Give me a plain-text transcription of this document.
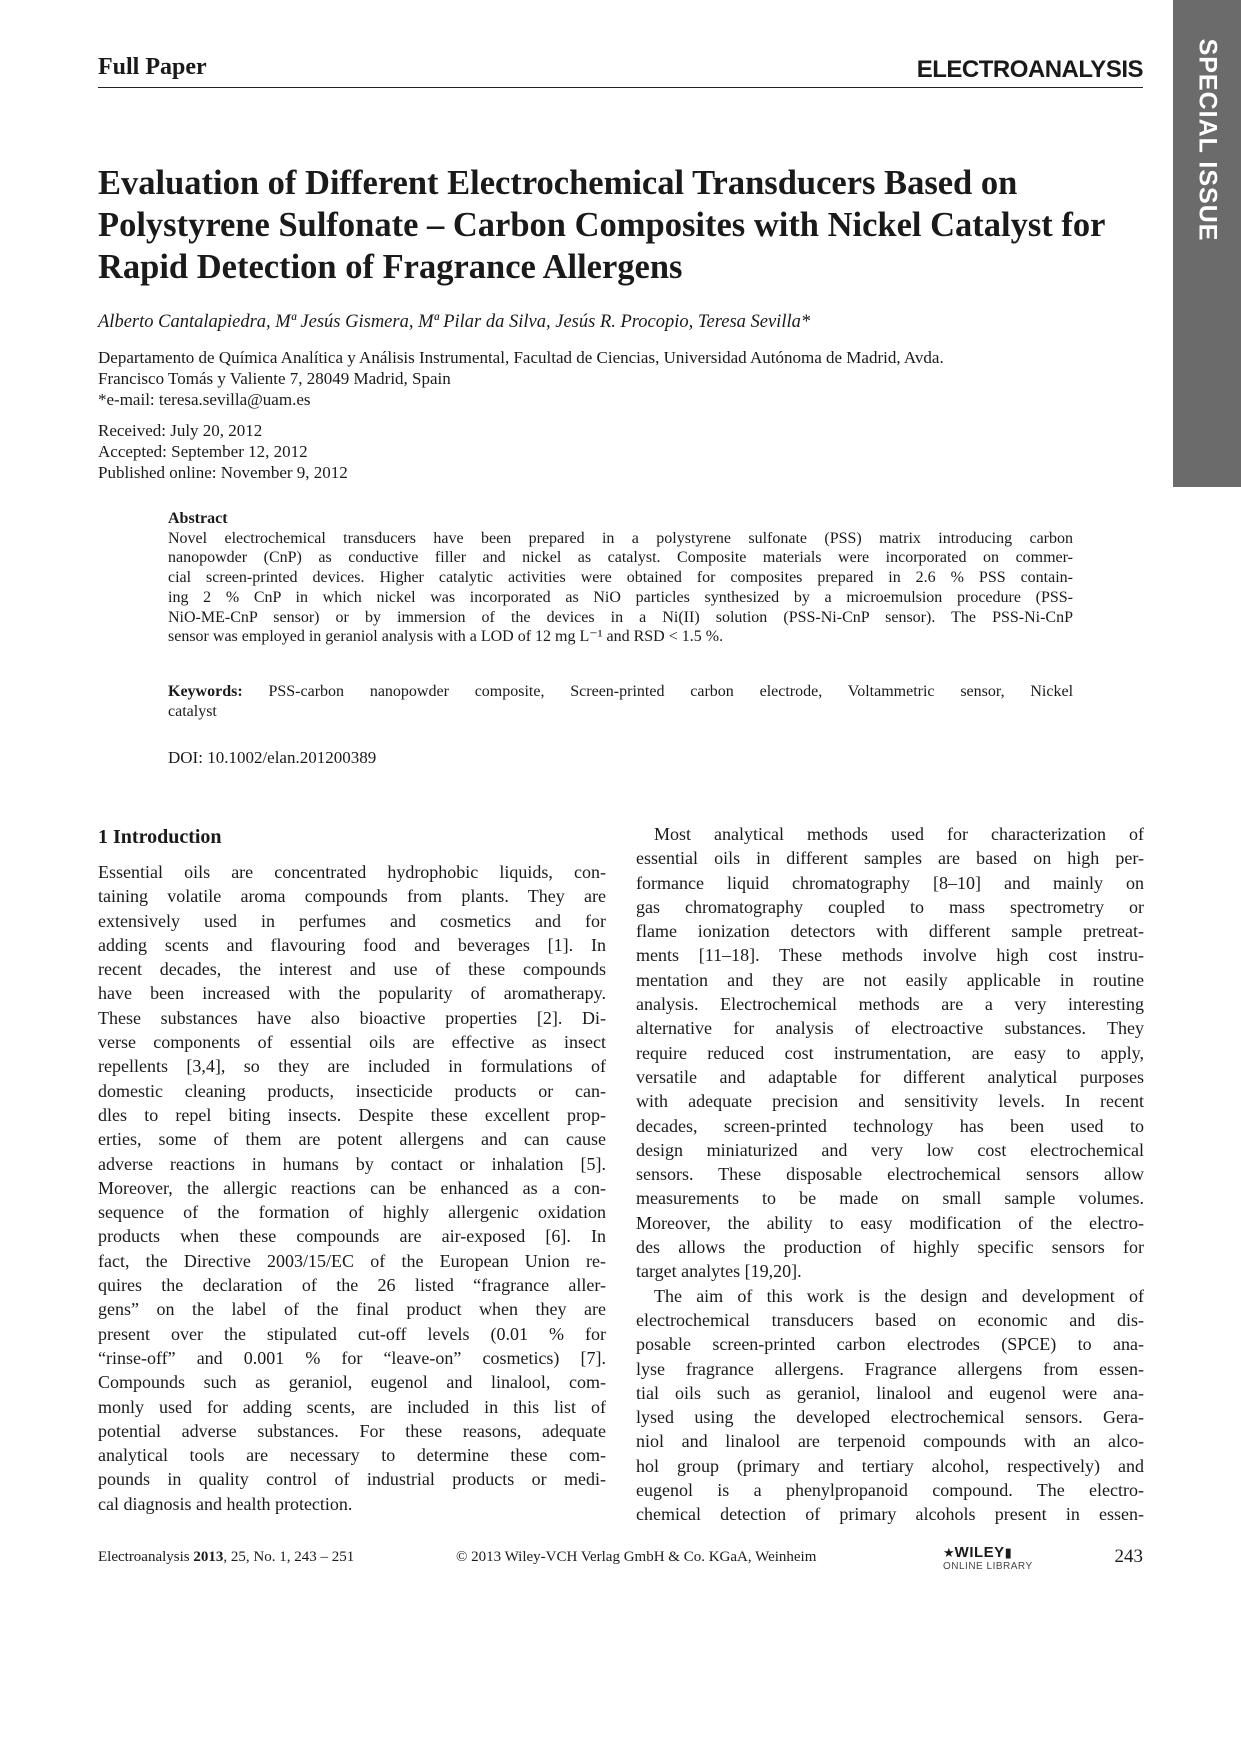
SPECIAL ISSUE
Full Paper	ELECTROANALYSIS
Evaluation of Different Electrochemical Transducers Based on Polystyrene Sulfonate – Carbon Composites with Nickel Catalyst for Rapid Detection of Fragrance Allergens
Alberto Cantalapiedra, Mª Jesús Gismera, Mª Pilar da Silva, Jesús R. Procopio, Teresa Sevilla*
Departamento de Química Analítica y Análisis Instrumental, Facultad de Ciencias, Universidad Autónoma de Madrid, Avda.
Francisco Tomás y Valiente 7, 28049 Madrid, Spain
*e-mail: teresa.sevilla@uam.es
Received: July 20, 2012
Accepted: September 12, 2012
Published online: November 9, 2012
Abstract
Novel electrochemical transducers have been prepared in a polystyrene sulfonate (PSS) matrix introducing carbon
nanopowder (CnP) as conductive filler and nickel as catalyst. Composite materials were incorporated on commer-
cial screen-printed devices. Higher catalytic activities were obtained for composites prepared in 2.6 % PSS contain-
ing 2 % CnP in which nickel was incorporated as NiO particles synthesized by a microemulsion procedure (PSS-
NiO-ME-CnP sensor) or by immersion of the devices in a Ni(II) solution (PSS-Ni-CnP sensor). The PSS-Ni-CnP
sensor was employed in geraniol analysis with a LOD of 12 mg L⁻¹ and RSD < 1.5 %.
Keywords: PSS-carbon nanopowder composite, Screen-printed carbon electrode, Voltammetric sensor, Nickel
catalyst
DOI: 10.1002/elan.201200389
1 Introduction
Essential oils are concentrated hydrophobic liquids, con-
taining volatile aroma compounds from plants. They are
extensively used in perfumes and cosmetics and for
adding scents and flavouring food and beverages [1]. In
recent decades, the interest and use of these compounds
have been increased with the popularity of aromatherapy.
These substances have also bioactive properties [2]. Di-
verse components of essential oils are effective as insect
repellents [3,4], so they are included in formulations of
domestic cleaning products, insecticide products or can-
dles to repel biting insects. Despite these excellent prop-
erties, some of them are potent allergens and can cause
adverse reactions in humans by contact or inhalation [5].
Moreover, the allergic reactions can be enhanced as a con-
sequence of the formation of highly allergenic oxidation
products when these compounds are air-exposed [6]. In
fact, the Directive 2003/15/EC of the European Union re-
quires the declaration of the 26 listed “fragrance aller-
gens” on the label of the final product when they are
present over the stipulated cut-off levels (0.01 % for
“rinse-off” and 0.001 % for “leave-on” cosmetics) [7].
Compounds such as geraniol, eugenol and linalool, com-
monly used for adding scents, are included in this list of
potential adverse substances. For these reasons, adequate
analytical tools are necessary to determine these com-
pounds in quality control of industrial products or medi-
cal diagnosis and health protection.
Most analytical methods used for characterization of
essential oils in different samples are based on high per-
formance liquid chromatography [8–10] and mainly on
gas chromatography coupled to mass spectrometry or
flame ionization detectors with different sample pretreat-
ments [11–18]. These methods involve high cost instru-
mentation and they are not easily applicable in routine
analysis. Electrochemical methods are a very interesting
alternative for analysis of electroactive substances. They
require reduced cost instrumentation, are easy to apply,
versatile and adaptable for different analytical purposes
with adequate precision and sensitivity levels. In recent
decades, screen-printed technology has been used to
design miniaturized and very low cost electrochemical
sensors. These disposable electrochemical sensors allow
measurements to be made on small sample volumes.
Moreover, the ability to easy modification of the electro-
des allows the production of highly specific sensors for
target analytes [19,20].
The aim of this work is the design and development of
electrochemical transducers based on economic and dis-
posable screen-printed carbon electrodes (SPCE) to ana-
lyse fragrance allergens. Fragrance allergens from essen-
tial oils such as geraniol, linalool and eugenol were ana-
lysed using the developed electrochemical sensors. Gera-
niol and linalool are terpenoid compounds with an alco-
hol group (primary and tertiary alcohol, respectively) and
eugenol is a phenylpropanoid compound. The electro-
chemical detection of primary alcohols present in essen-
Electroanalysis 2013, 25, No. 1, 243 – 251	© 2013 Wiley-VCH Verlag GmbH & Co. KGaA, Weinheim	★WILEY▮
ONLINE LIBRARY	243
